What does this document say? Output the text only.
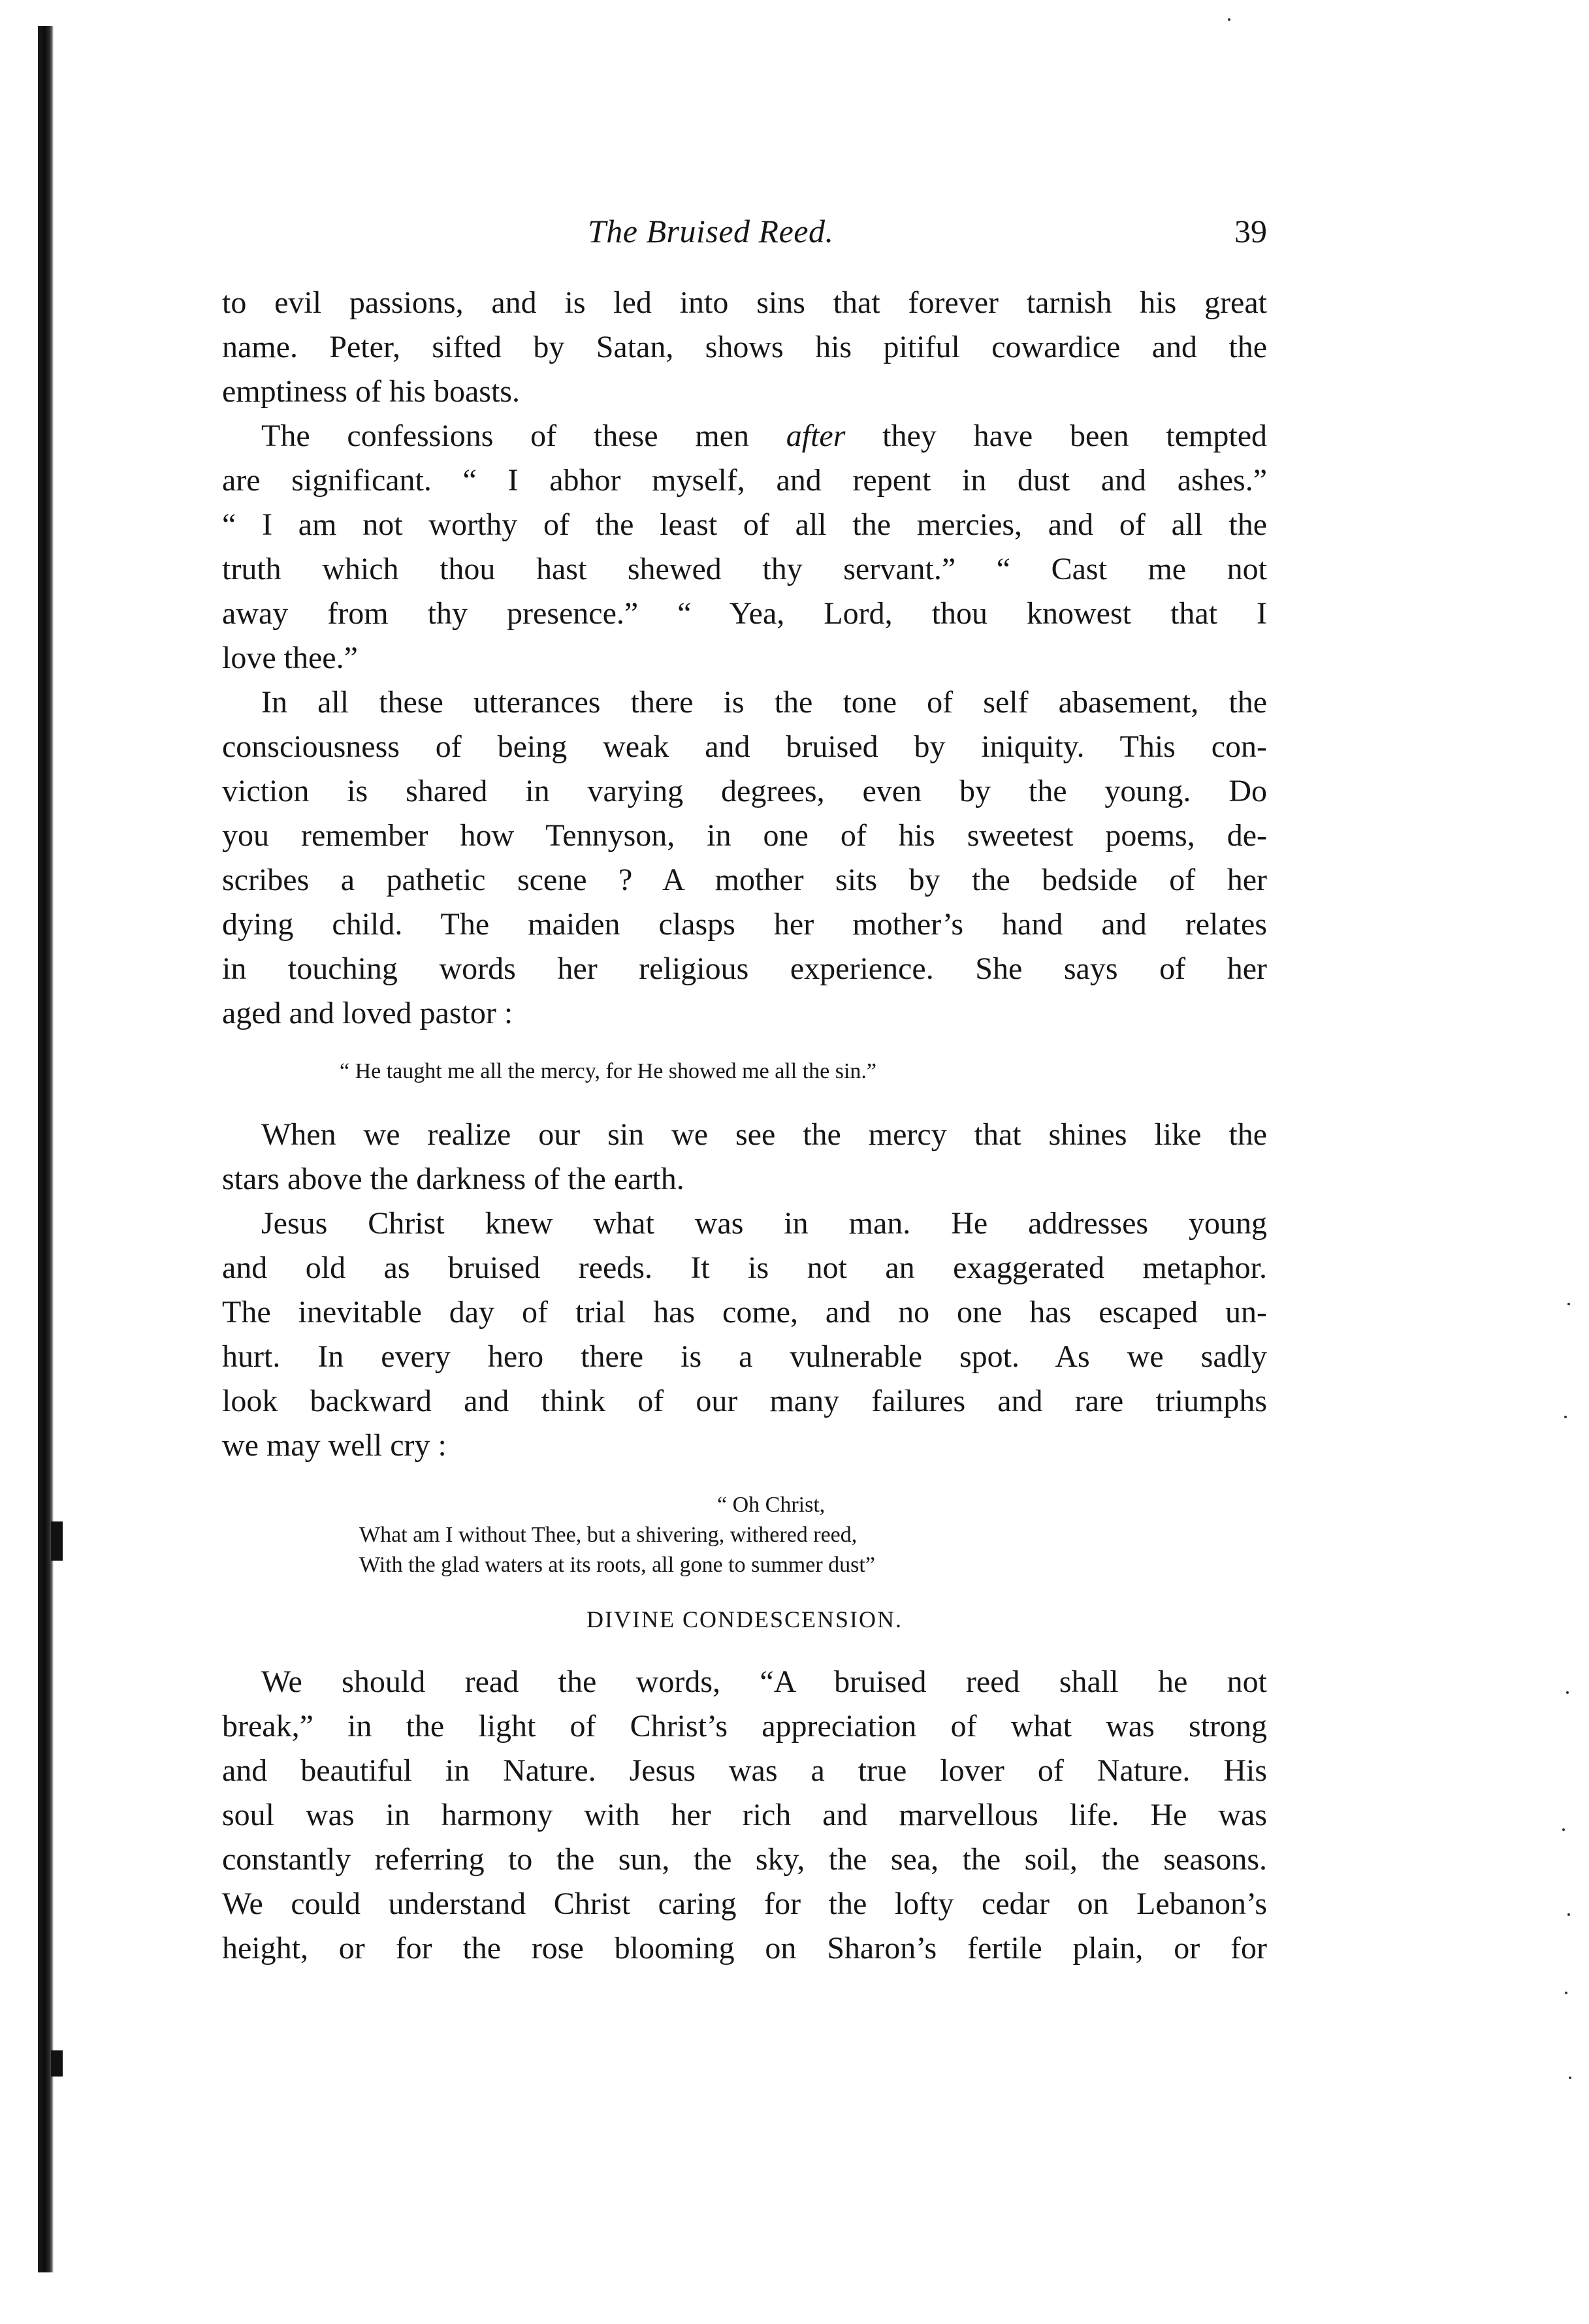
The Bruised Reed.	39
to evil passions, and is led into sins that forever tarnish his great
name. Peter, sifted by Satan, shows his pitiful cowardice and the
emptiness of his boasts.
The confessions of these men after they have been tempted
are significant. “ I abhor myself, and repent in dust and ashes.”
“ I am not worthy of the least of all the mercies, and of all the
truth which thou hast shewed thy servant.” “ Cast me not
away from thy presence.” “ Yea, Lord, thou knowest that I
love thee.”
In all these utterances there is the tone of self abasement, the
consciousness of being weak and bruised by iniquity. This con-
viction is shared in varying degrees, even by the young. Do
you remember how Tennyson, in one of his sweetest poems, de-
scribes a pathetic scene ? A mother sits by the bedside of her
dying child. The maiden clasps her mother’s hand and relates
in touching words her religious experience. She says of her
aged and loved pastor :
“ He taught me all the mercy, for He showed me all the sin.”
When we realize our sin we see the mercy that shines like the
stars above the darkness of the earth.
Jesus Christ knew what was in man. He addresses young
and old as bruised reeds. It is not an exaggerated metaphor.
The inevitable day of trial has come, and no one has escaped un-
hurt. In every hero there is a vulnerable spot. As we sadly
look backward and think of our many failures and rare triumphs
we may well cry :
“ Oh Christ,
What am I without Thee, but a shivering, withered reed,
With the glad waters at its roots, all gone to summer dust”
DIVINE CONDESCENSION.
We should read the words, “A bruised reed shall he not
break,” in the light of Christ’s appreciation of what was strong
and beautiful in Nature. Jesus was a true lover of Nature. His
soul was in harmony with her rich and marvellous life. He was
constantly referring to the sun, the sky, the sea, the soil, the seasons.
We could understand Christ caring for the lofty cedar on Lebanon’s
height, or for the rose blooming on Sharon’s fertile plain, or for
